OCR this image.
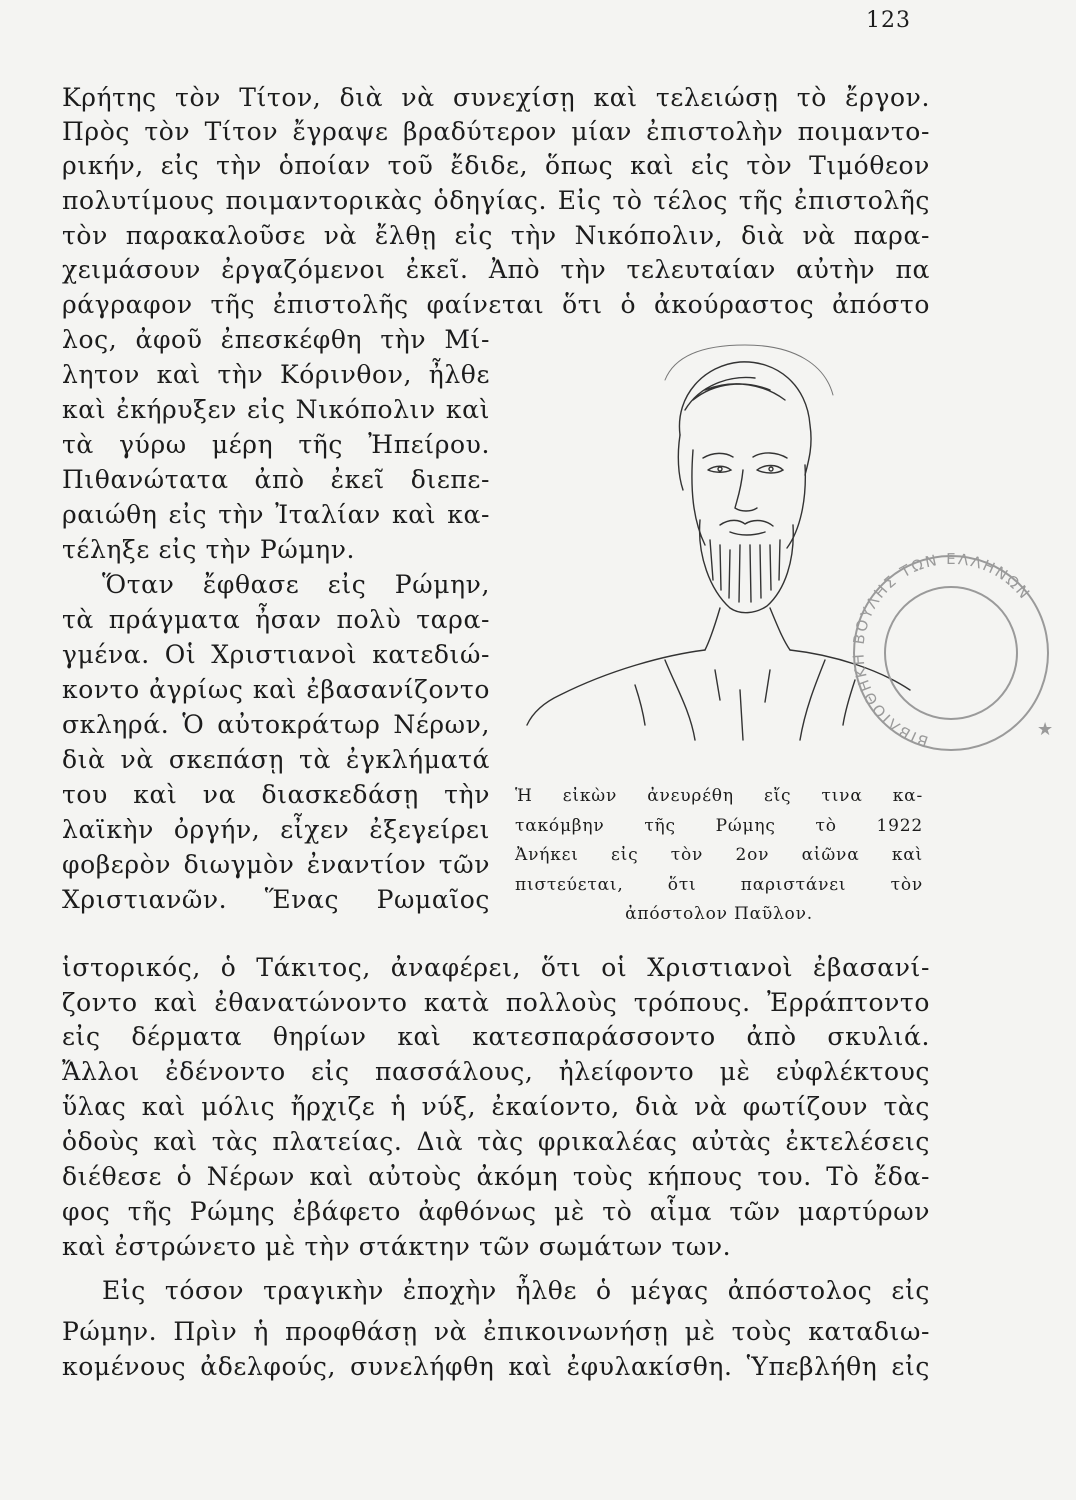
123
Κρήτης τὸν Τίτον, διὰ νὰ συνεχίσῃ καὶ τελειώσῃ τὸ ἔργον.
Πρὸς τὸν Τίτον ἔγραψε βραδύτερον μίαν ἐπιστολὴν ποιμαντο-
ρικήν, εἰς τὴν ὁποίαν τοῦ ἔδιδε, ὅπως καὶ εἰς τὸν Τιμόθεον
πολυτίμους ποιμαντορικὰς ὁδηγίας. Εἰς τὸ τέλος τῆς ἐπιστολῆς
τὸν παρακαλοῦσε νὰ ἔλθῃ εἰς τὴν Νικόπολιν, διὰ νὰ παρα-
χειμάσουν ἐργαζόμενοι ἐκεῖ. Ἀπὸ τὴν τελευταίαν αὐτὴν πα
ράγραφον τῆς ἐπιστολῆς φαίνεται ὅτι ὁ ἀκούραστος ἀπόστο
λος, ἀφοῦ ἐπεσκέφθη τὴν Μί-
λητον καὶ τὴν Κόρινθον, ἦλθε
καὶ ἐκήρυξεν εἰς Νικόπολιν καὶ
τὰ γύρω μέρη τῆς Ἠπείρου.
Πιθανώτατα ἀπὸ ἐκεῖ διεπε-
ραιώθη εἰς τὴν Ἰταλίαν καὶ κα-
τέληξε εἰς τὴν Ρώμην.
Ὅταν ἔφθασε εἰς Ρώμην,
τὰ πράγματα ἦσαν πολὺ ταρα-
γμένα. Οἱ Χριστιανοὶ κατεδιώ-
κοντο ἀγρίως καὶ ἐβασανίζοντο
σκληρά. Ὁ αὐτοκράτωρ Νέρων,
διὰ νὰ σκεπάσῃ τὰ ἐγκλήματά
του καὶ να διασκεδάσῃ τὴν
λαϊκὴν ὀργήν, εἶχεν ἐξεγείρει
φοβερὸν διωγμὸν ἐναντίον τῶν
Χριστιανῶν. Ἕνας Ρωμαῖος
Ἡ εἰκὼν ἀνευρέθη εἴς τινα κα-
τακόμβην τῆς Ρώμης τὸ 1922
Ἀνήκει εἰς τὸν 2ον αἰῶνα καὶ
πιστεύεται, ὅτι παριστάνει τὸν
ἀπόστολον Παῦλον.
ΒΙΒΛΙΟΘΗΚΗ ΒΟΥΛΗΣ ΤΩΝ ΕΛΛΗΝΩΝ
★
ἱστορικός, ὁ Τάκιτος, ἀναφέρει, ὅτι οἱ Χριστιανοὶ ἐβασανί-
ζοντο καὶ ἐθανατώνοντο κατὰ πολλοὺς τρόπους. Ἐρράπτοντο
εἰς δέρματα θηρίων καὶ κατεσπαράσσοντο ἀπὸ σκυλιά.
Ἄλλοι ἐδένοντο εἰς πασσάλους, ἠλείφοντο μὲ εὐφλέκτους
ὕλας καὶ μόλις ἤρχιζε ἡ νύξ, ἐκαίοντο, διὰ νὰ φωτίζουν τὰς
ὁδοὺς καὶ τὰς πλατείας. Διὰ τὰς φρικαλέας αὐτὰς ἐκτελέσεις
διέθεσε ὁ Νέρων καὶ αὐτοὺς ἀκόμη τοὺς κήπους του. Τὸ ἔδα-
φος τῆς Ρώμης ἐβάφετο ἀφθόνως μὲ τὸ αἷμα τῶν μαρτύρων
καὶ ἐστρώνετο μὲ τὴν στάκτην τῶν σωμάτων των.
Εἰς τόσον τραγικὴν ἐποχὴν ἦλθε ὁ μέγας ἀπόστολος εἰς
Ρώμην. Πρὶν ἡ προφθάσῃ νὰ ἐπικοινωνήσῃ μὲ τοὺς καταδιω-
κομένους ἀδελφούς, συνελήφθη καὶ ἐφυλακίσθη. Ὑπεβλήθη εἰς
